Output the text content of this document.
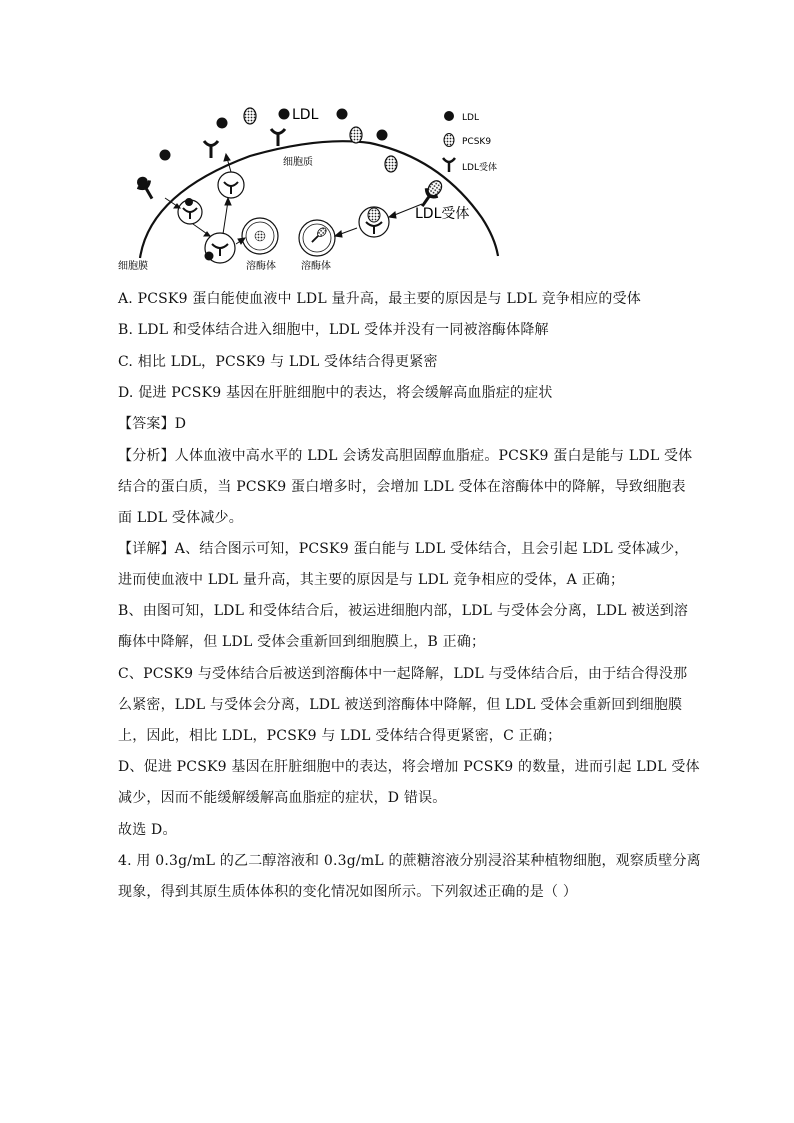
LDL
细胞质
LDL受体
细胞膜	溶酶体	溶酶体
LDL
PCSK9
LDL受体
A. PCSK9 蛋白能使血液中 LDL 量升高，最主要的原因是与 LDL 竞争相应的受体
B. LDL 和受体结合进入细胞中，LDL 受体并没有一同被溶酶体降解
C. 相比 LDL，PCSK9 与 LDL 受体结合得更紧密
D. 促进 PCSK9 基因在肝脏细胞中的表达，将会缓解高血脂症的症状
【答案】D
【分析】人体血液中高水平的 LDL 会诱发高胆固醇血脂症。PCSK9 蛋白是能与 LDL 受体
结合的蛋白质，当 PCSK9 蛋白增多时，会增加 LDL 受体在溶酶体中的降解，导致细胞表
面 LDL 受体减少。
【详解】A、结合图示可知，PCSK9 蛋白能与 LDL 受体结合，且会引起 LDL 受体减少，
进而使血液中 LDL 量升高，其主要的原因是与 LDL 竞争相应的受体，A 正确；
B、由图可知，LDL 和受体结合后，被运进细胞内部，LDL 与受体会分离，LDL 被送到溶
酶体中降解，但 LDL 受体会重新回到细胞膜上，B 正确；
C、PCSK9 与受体结合后被送到溶酶体中一起降解，LDL 与受体结合后，由于结合得没那
么紧密，LDL 与受体会分离，LDL 被送到溶酶体中降解，但 LDL 受体会重新回到细胞膜
上，因此，相比 LDL，PCSK9 与 LDL 受体结合得更紧密，C 正确；
D、促进 PCSK9 基因在肝脏细胞中的表达，将会增加 PCSK9 的数量，进而引起 LDL 受体
减少，因而不能缓解缓解高血脂症的症状，D 错误。
故选 D。
4. 用 0.3g/mL 的乙二醇溶液和 0.3g/mL 的蔗糖溶液分别浸浴某种植物细胞，观察质壁分离
现象，得到其原生质体体积的变化情况如图所示。下列叙述正确的是（ ）
